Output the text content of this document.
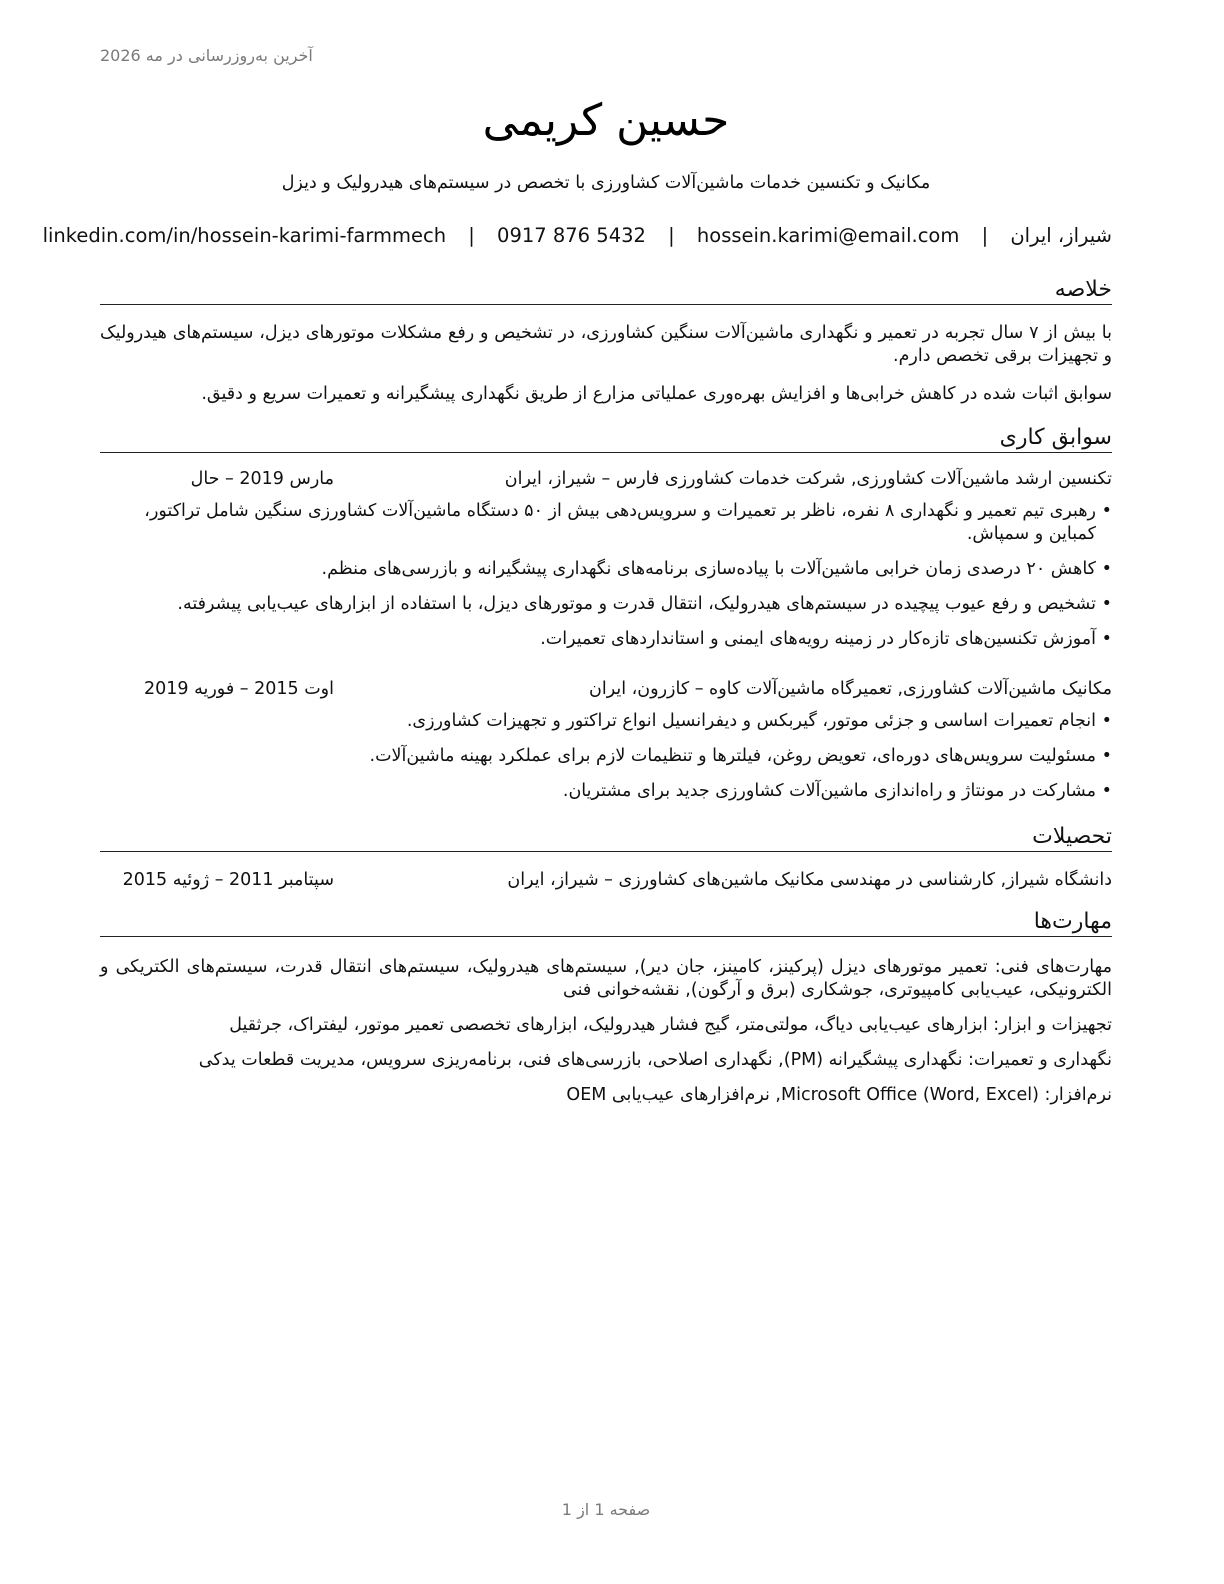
آخرین به‌روزرسانی در مه 2026
حسین کریمی
مکانیک و تکنسین خدمات ماشین‌آلات کشاورزی با تخصص در سیستم‌های هیدرولیک و دیزل
شیراز، ایران | hossein.karimi@email.com | 0917 876 5432 | linkedin.com/in/hossein-karimi-farmmech
خلاصه
با بیش از ۷ سال تجربه در تعمیر و نگهداری ماشین‌آلات سنگین کشاورزی، در تشخیص و رفع مشکلات موتورهای دیزل، سیستم‌های هیدرولیک و تجهیزات برقی تخصص دارم.
سوابق اثبات شده در کاهش خرابی‌ها و افزایش بهره‌وری عملیاتی مزارع از طریق نگهداری پیشگیرانه و تعمیرات سریع و دقیق.
سوابق کاری
تکنسین ارشد ماشین‌آلات کشاورزی, شرکت خدمات کشاورزی فارس – شیراز، ایران
مارس 2019 – حال
• رهبری تیم تعمیر و نگهداری ۸ نفره، ناظر بر تعمیرات و سرویس‌دهی بیش از ۵۰ دستگاه ماشین‌آلات کشاورزی سنگین شامل تراکتور، کمباین و سمپاش.
• کاهش ۲۰ درصدی زمان خرابی ماشین‌آلات با پیاده‌سازی برنامه‌های نگهداری پیشگیرانه و بازرسی‌های منظم.
• تشخیص و رفع عیوب پیچیده در سیستم‌های هیدرولیک، انتقال قدرت و موتورهای دیزل، با استفاده از ابزارهای عیب‌یابی پیشرفته.
• آموزش تکنسین‌های تازه‌کار در زمینه رویه‌های ایمنی و استانداردهای تعمیرات.
مکانیک ماشین‌آلات کشاورزی, تعمیرگاه ماشین‌آلات کاوه – کازرون، ایران
اوت 2015 – فوریه 2019
• انجام تعمیرات اساسی و جزئی موتور، گیربکس و دیفرانسیل انواع تراکتور و تجهیزات کشاورزی.
• مسئولیت سرویس‌های دوره‌ای، تعویض روغن، فیلترها و تنظیمات لازم برای عملکرد بهینه ماشین‌آلات.
• مشارکت در مونتاژ و راه‌اندازی ماشین‌آلات کشاورزی جدید برای مشتریان.
تحصیلات
دانشگاه شیراز, کارشناسی در مهندسی مکانیک ماشین‌های کشاورزی – شیراز، ایران
سپتامبر 2011 – ژوئیه 2015
مهارت‌ها
مهارت‌های فنی: تعمیر موتورهای دیزل (پرکینز، کامینز، جان دیر), سیستم‌های هیدرولیک، سیستم‌های انتقال قدرت، سیستم‌های الکتریکی و الکترونیکی، عیب‌یابی کامپیوتری، جوشکاری (برق و آرگون), نقشه‌خوانی فنی
تجهیزات و ابزار: ابزارهای عیب‌یابی دیاگ، مولتی‌متر، گیج فشار هیدرولیک، ابزارهای تخصصی تعمیر موتور، لیفتراک، جرثقیل
نگهداری و تعمیرات: نگهداری پیشگیرانه (PM), نگهداری اصلاحی، بازرسی‌های فنی، برنامه‌ریزی سرویس، مدیریت قطعات یدکی
نرم‌افزار: Microsoft Office (Word, Excel), نرم‌افزارهای عیب‌یابی OEM
صفحه 1 از 1
